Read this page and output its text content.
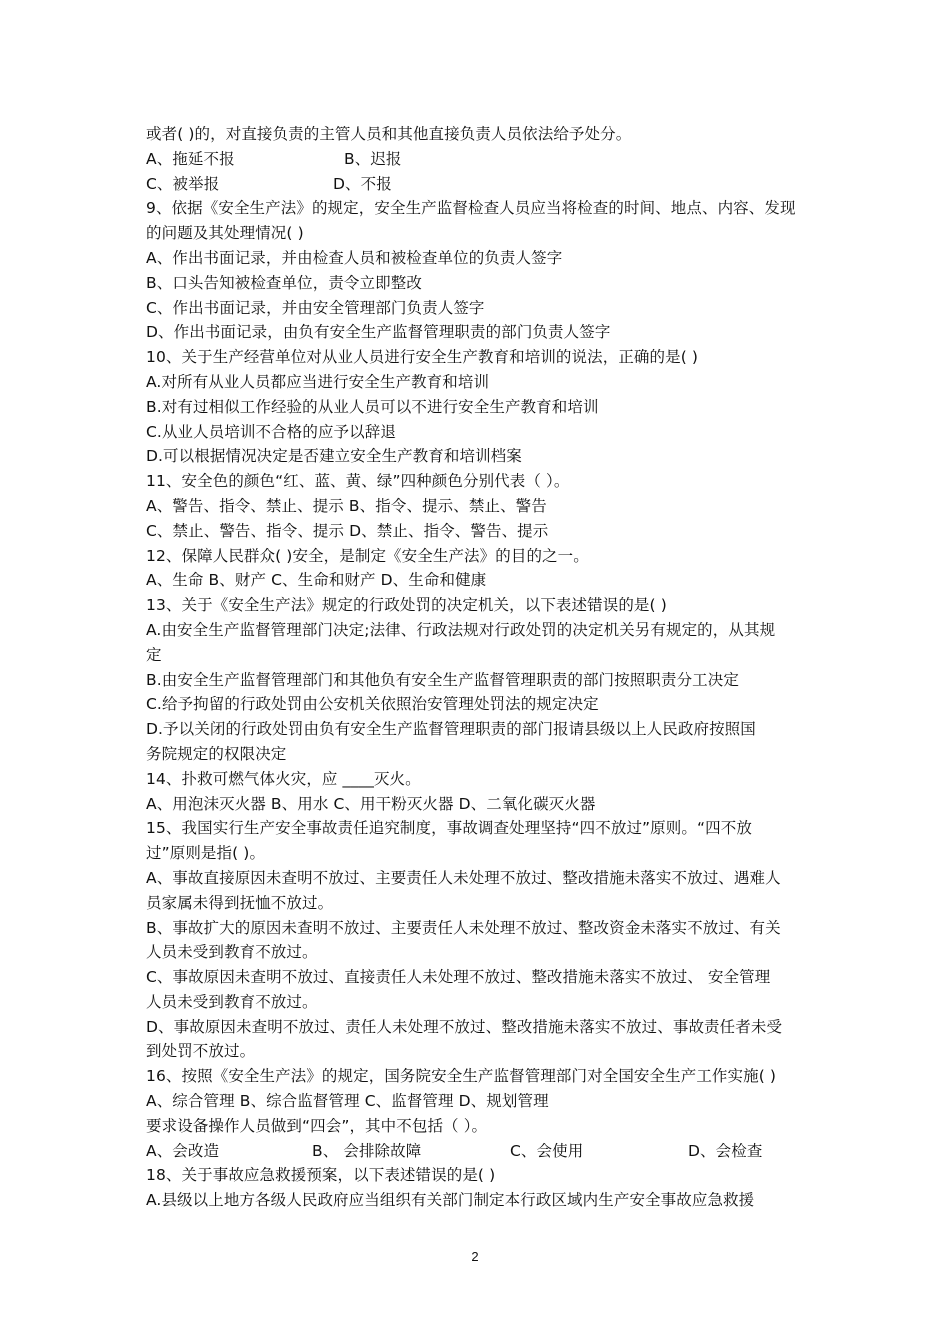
或者( )的，对直接负责的主管人员和其他直接负责人员依法给予处分。
A、拖延不报	B、迟报
C、被举报	D、不报
9、依据《安全生产法》的规定，安全生产监督检查人员应当将检查的时间、地点、内容、发现
的问题及其处理情况( )
A、作出书面记录，并由检查人员和被检查单位的负责人签字
B、口头告知被检查单位，责令立即整改
C、作出书面记录，并由安全管理部门负责人签字
D、作出书面记录，由负有安全生产监督管理职责的部门负责人签字
10、关于生产经营单位对从业人员进行安全生产教育和培训的说法，正确的是( )
A.对所有从业人员都应当进行安全生产教育和培训
B.对有过相似工作经验的从业人员可以不进行安全生产教育和培训
C.从业人员培训不合格的应予以辞退
D.可以根据情况决定是否建立安全生产教育和培训档案
11、安全色的颜色“红、蓝、黄、绿”四种颜色分别代表（ ）。
A、警告、指令、禁止、提示 B、指令、提示、禁止、警告
C、禁止、警告、指令、提示 D、禁止、指令、警告、提示
12、保障人民群众( )安全，是制定《安全生产法》的目的之一。
A、生命 B、财产 C、生命和财产 D、生命和健康
13、关于《安全生产法》规定的行政处罚的决定机关，以下表述错误的是( )
A.由安全生产监督管理部门决定;法律、行政法规对行政处罚的决定机关另有规定的，从其规
定
B.由安全生产监督管理部门和其他负有安全生产监督管理职责的部门按照职责分工决定
C.给予拘留的行政处罚由公安机关依照治安管理处罚法的规定决定
D.予以关闭的行政处罚由负有安全生产监督管理职责的部门报请县级以上人民政府按照国
务院规定的权限决定
14、扑救可燃气体火灾，应 ____灭火。
A、用泡沫灭火器 B、用水 C、用干粉灭火器 D、二氧化碳灭火器
15、我国实行生产安全事故责任追究制度，事故调查处理坚持“四不放过”原则。“四不放
过”原则是指( )。
A、事故直接原因未查明不放过、主要责任人未处理不放过、整改措施未落实不放过、遇难人
员家属未得到抚恤不放过。
B、事故扩大的原因未查明不放过、主要责任人未处理不放过、整改资金未落实不放过、有关
人员未受到教育不放过。
C、事故原因未查明不放过、直接责任人未处理不放过、整改措施未落实不放过、 安全管理
人员未受到教育不放过。
D、事故原因未查明不放过、责任人未处理不放过、整改措施未落实不放过、事故责任者未受
到处罚不放过。
16、按照《安全生产法》的规定，国务院安全生产监督管理部门对全国安全生产工作实施( )
A、综合管理 B、综合监督管理 C、监督管理 D、规划管理
要求设备操作人员做到“四会”，其中不包括（ ）。
A、会改造	B、 会排除故障	C、会使用	D、会检查
18、关于事故应急救援预案，以下表述错误的是( )
A.县级以上地方各级人民政府应当组织有关部门制定本行政区域内生产安全事故应急救援
2
